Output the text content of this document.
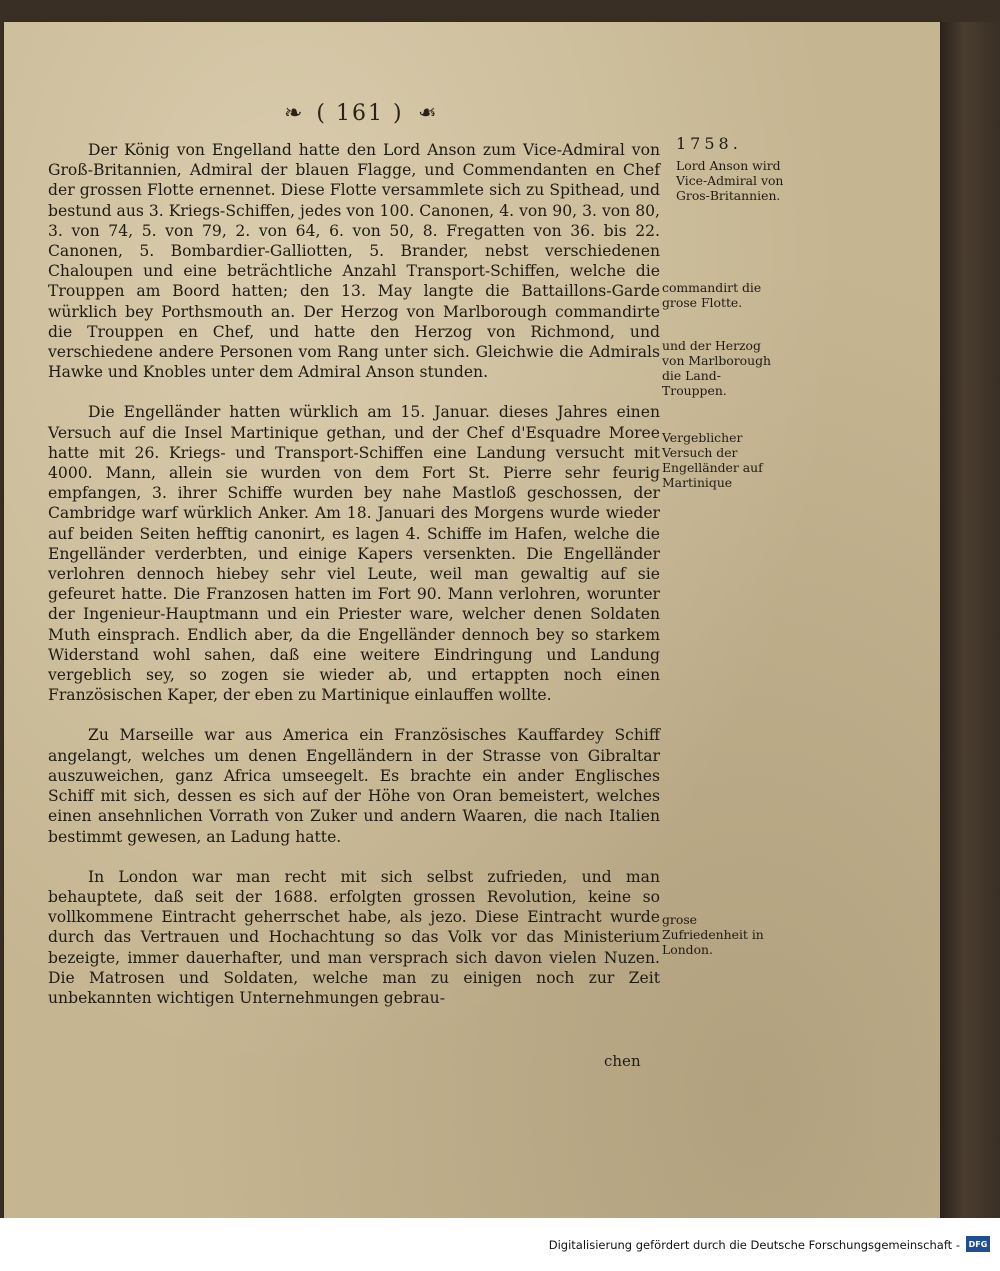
❧ ( 161 ) ❧
1758.

Der König von Engelland hatte den Lord Anson zum Vice-Admiral von Groß-Britannien, Admiral der blauen Flagge, und Commendanten en Chef der grossen Flotte ernennet. Diese Flotte versammlete sich zu Spithead, und bestund aus 3. Kriegs-Schiffen, jedes von 100. Canonen, 4. von 90, 3. von 80, 3. von 74, 5. von 79, 2. von 64, 6. von 50, 8. Fregatten von 36. bis 22. Canonen, 5. Bombardier-Galliotten, 5. Brander, nebst verschiedenen Chaloupen und eine beträchtliche Anzahl Transport-Schiffen, welche die Trouppen am Boord hatten; den 13. May langte die Battaillons-Garde würklich bey Porthsmouth an. Der Herzog von Marlborough commandirte die Trouppen en Chef, und hatte den Herzog von Richmond, und verschiedene andere Personen vom Rang unter sich. Gleichwie die Admirals Hawke und Knobles unter dem Admiral Anson stunden.

Die Engelländer hatten würklich am 15. Januar. dieses Jahres einen Versuch auf die Insel Martinique gethan, und der Chef d'Esquadre Moree hatte mit 26. Kriegs- und Transport-Schiffen eine Landung versucht mit 4000. Mann, allein sie wurden von dem Fort St. Pierre sehr feurig empfangen, 3. ihrer Schiffe wurden bey nahe Mastloß geschossen, der Cambridge warf würklich Anker. Am 18. Januari des Morgens wurde wieder auf beiden Seiten hefftig canonirt, es lagen 4. Schiffe im Hafen, welche die Engelländer verderbten, und einige Kapers versenkten. Die Engelländer verlohren dennoch hiebey sehr viel Leute, weil man gewaltig auf sie gefeuret hatte. Die Franzosen hatten im Fort 90. Mann verlohren, worunter der Ingenieur-Hauptmann und ein Priester ware, welcher denen Soldaten Muth einsprach. Endlich aber, da die Engelländer dennoch bey so starkem Widerstand wohl sahen, daß eine weitere Eindringung und Landung vergeblich sey, so zogen sie wieder ab, und ertappten noch einen Französischen Kaper, der eben zu Martinique einlauffen wollte.

Zu Marseille war aus America ein Französisches Kauffardey Schiff angelangt, welches um denen Engelländern in der Strasse von Gibraltar auszuweichen, ganz Africa umseegelt. Es brachte ein ander Englisches Schiff mit sich, dessen es sich auf der Höhe von Oran bemeistert, welches einen ansehnlichen Vorrath von Zuker und andern Waaren, die nach Italien bestimmt gewesen, an Ladung hatte.

In London war man recht mit sich selbst zufrieden, und man behauptete, daß seit der 1688. erfolgten grossen Revolution, keine so vollkommene Eintracht geherrschet habe, als jezo. Diese Eintracht wurde durch das Vertrauen und Hochachtung so das Volk vor das Ministerium bezeigte, immer dauerhafter, und man versprach sich davon vielen Nuzen. Die Matrosen und Soldaten, welche man zu einigen noch zur Zeit unbekannten wichtigen Unternehmungen gebrau-

chen
Lord Anson wird Vice-Admiral von Gros-Britannien.
commandirt die grose Flotte.
und der Herzog von Marlborough die Land-Trouppen.
Vergeblicher Versuch der Engelländer auf Martinique
grose Zufriedenheit in London.
Digitalisierung gefördert durch die Deutsche Forschungsgemeinschaft -	DFG
